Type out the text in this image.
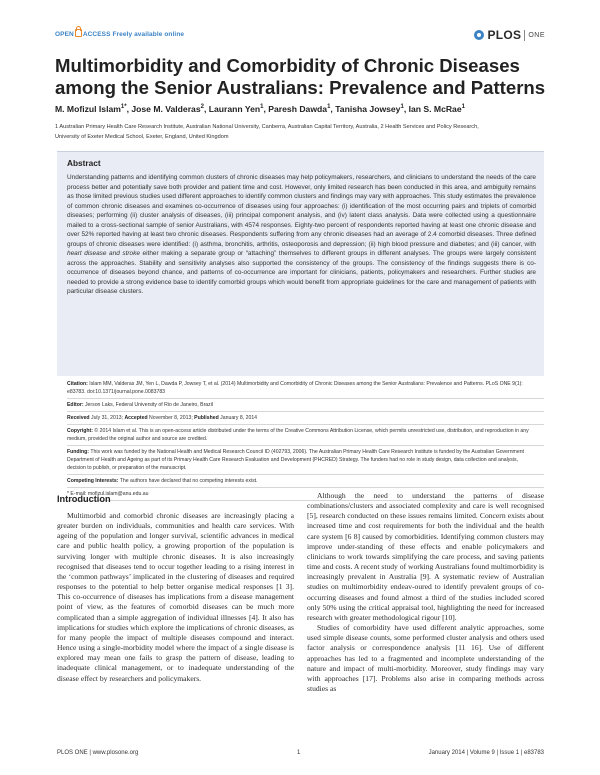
OPEN ACCESS Freely available online	PLOS ONE
Multimorbidity and Comorbidity of Chronic Diseases
among the Senior Australians: Prevalence and Patterns
M. Mofizul Islam$^{1*}$, Jose M. Valderas$^2$, Laurann Yen$^1$, Paresh Dawda$^1$, Tanisha Jowsey$^1$, Ian S. McRae$^1$
1 Australian Primary Health Care Research Institute, Australian National University, Canberra, Australian Capital Territory, Australia, 2 Health Services and Policy Research,
University of Exeter Medical School, Exeter, England, United Kingdom
Abstract

Understanding patterns and identifying common clusters of chronic diseases may help policymakers, researchers, and clinicians to understand the needs of the care process better and potentially save both provider and patient time and cost. However, only limited research has been conducted in this area, and ambiguity remains as those limited previous studies used different approaches to identify common clusters and findings may vary with approaches. This study estimates the prevalence of common chronic diseases and examines co-occurrence of diseases using four approaches: (i) identification of the most occurring pairs and triplets of comorbid diseases; performing (ii) cluster analysis of diseases, (iii) principal component analysis, and (iv) latent class analysis. Data were collected using a questionnaire mailed to a cross-sectional sample of senior Australians, with 4574 responses. Eighty-two percent of respondents reported having at least one chronic disease and over 52% reported having at least two chronic diseases. Respondents suffering from any chronic diseases had an average of 2.4 comorbid diseases. Three defined groups of chronic diseases were identified: (i) asthma, bronchitis, arthritis, osteoporosis and depression; (ii) high blood pressure and diabetes; and (iii) cancer, with heart disease and stroke either making a separate group or “attaching” themselves to different groups in different analyses. The groups were largely consistent across the approaches. Stability and sensitivity analyses also supported the consistency of the groups. The consistency of the findings suggests there is co-occurrence of diseases beyond chance, and patterns of co-occurrence are important for clinicians, patients, policymakers and researchers. Further studies are needed to provide a strong evidence base to identify comorbid groups which would benefit from appropriate guidelines for the care and management of patients with particular disease clusters.

Citation: Islam MM, Valderas JM, Yen L, Dawda P, Jowsey T, et al. (2014) Multimorbidity and Comorbidity of Chronic Diseases among the Senior Australians: Prevalence and Patterns. PLoS ONE 9(1): e83783. doi:10.1371/journal.pone.0083783
Editor: Jerson Laks, Federal University of Rio de Janeiro, Brazil
Received July 31, 2013; Accepted November 8, 2013; Published January 8, 2014
Copyright: © 2014 Islam et al. This is an open-access article distributed under the terms of the Creative Commons Attribution License, which permits unrestricted use, distribution, and reproduction in any medium, provided the original author and source are credited.
Funding: This work was funded by the National Health and Medical Research Council ID (402793, 2006). The Australian Primary Health Care Research Institute is funded by the Australian Government Department of Health and Ageing as part of its Primary Health Care Research Evaluation and Development (PHCRED) Strategy. The funders had no role in study design, data collection and analysis, decision to publish, or preparation of the manuscript.
Competing Interests: The authors have declared that no competing interests exist.
* E-mail: mofizul.islam@anu.edu.au
Introduction

Multimorbid and comorbid chronic diseases are increasingly placing a greater burden on individuals, communities and health care services. With ageing of the population and longer survival, scientific advances in medical care and public health policy, a growing proportion of the population is surviving longer with multiple chronic diseases. It is also increasingly recognised that diseases tend to occur together leading to a rising interest in the ‘common pathways’ implicated in the clustering of diseases and required responses to the potential to help better organise medical responses [1 3]. This co-occurrence of diseases has implications from a disease management point of view, as the features of comorbid diseases can be much more complicated than a simple aggregation of individual illnesses [4]. It also has implications for studies which explore the implications of chronic diseases, as for many people the impact of multiple diseases compound and interact. Hence using a single-morbidity model where the impact of a single disease is explored may mean one fails to grasp the pattern of disease, leading to inadequate clinical management, or to inadequate understanding of the disease effect by researchers and policymakers.

Although the need to understand the patterns of disease combinations/clusters and associated complexity and care is well recognised [5], research conducted on these issues remains limited. Concern exists about increased time and cost requirements for both the individual and the health care system [6 8] caused by comorbidities. Identifying common clusters may improve under-standing of these effects and enable policymakers and clinicians to work towards simplifying the care process, and saving patients time and costs. A recent study of working Australians found multimorbidity is increasingly prevalent in Australia [9]. A systematic review of Australian studies on multimorbidity endeav-oured to identify prevalent groups of co-occurring diseases and found almost a third of the studies included scored only 50% using the critical appraisal tool, highlighting the need for increased research with greater methodological rigour [10].

Studies of comorbidity have used different analytic approaches, some used simple disease counts, some performed cluster analysis and others used factor analysis or correspondence analysis [11 16]. Use of different approaches has led to a fragmented and incomplete understanding of the nature and impact of multi-morbidity. Moreover, study findings may vary with approaches [17]. Problems also arise in comparing methods across studies as

PLOS ONE | www.plosone.org	1	January 2014 | Volume 9 | Issue 1 | e83783
